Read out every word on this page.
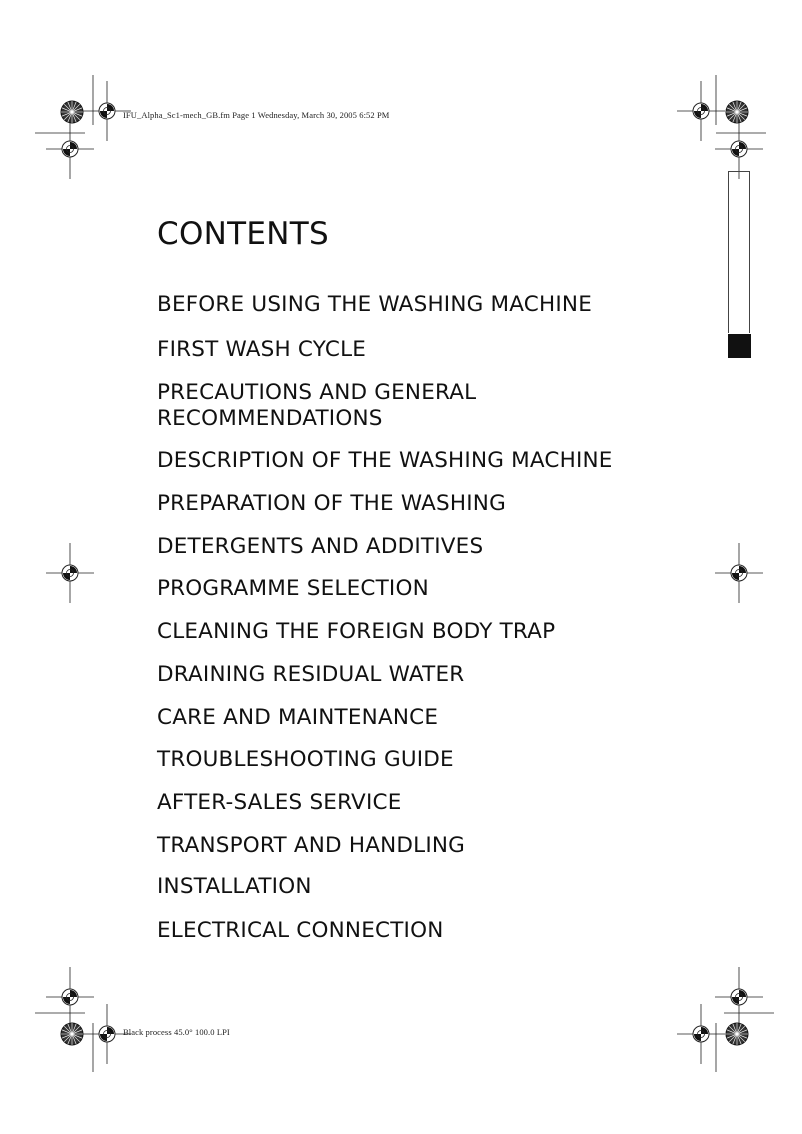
IFU_Alpha_Sc1-mech_GB.fm Page 1 Wednesday, March 30, 2005 6:52 PM
Black process 45.0° 100.0 LPI
CONTENTS
BEFORE USING THE WASHING MACHINE
FIRST WASH CYCLE
PRECAUTIONS AND GENERAL RECOMMENDATIONS
DESCRIPTION OF THE WASHING MACHINE
PREPARATION OF THE WASHING
DETERGENTS AND ADDITIVES
PROGRAMME SELECTION
CLEANING THE FOREIGN BODY TRAP
DRAINING RESIDUAL WATER
CARE AND MAINTENANCE
TROUBLESHOOTING GUIDE
AFTER-SALES SERVICE
TRANSPORT AND HANDLING
INSTALLATION
ELECTRICAL CONNECTION
